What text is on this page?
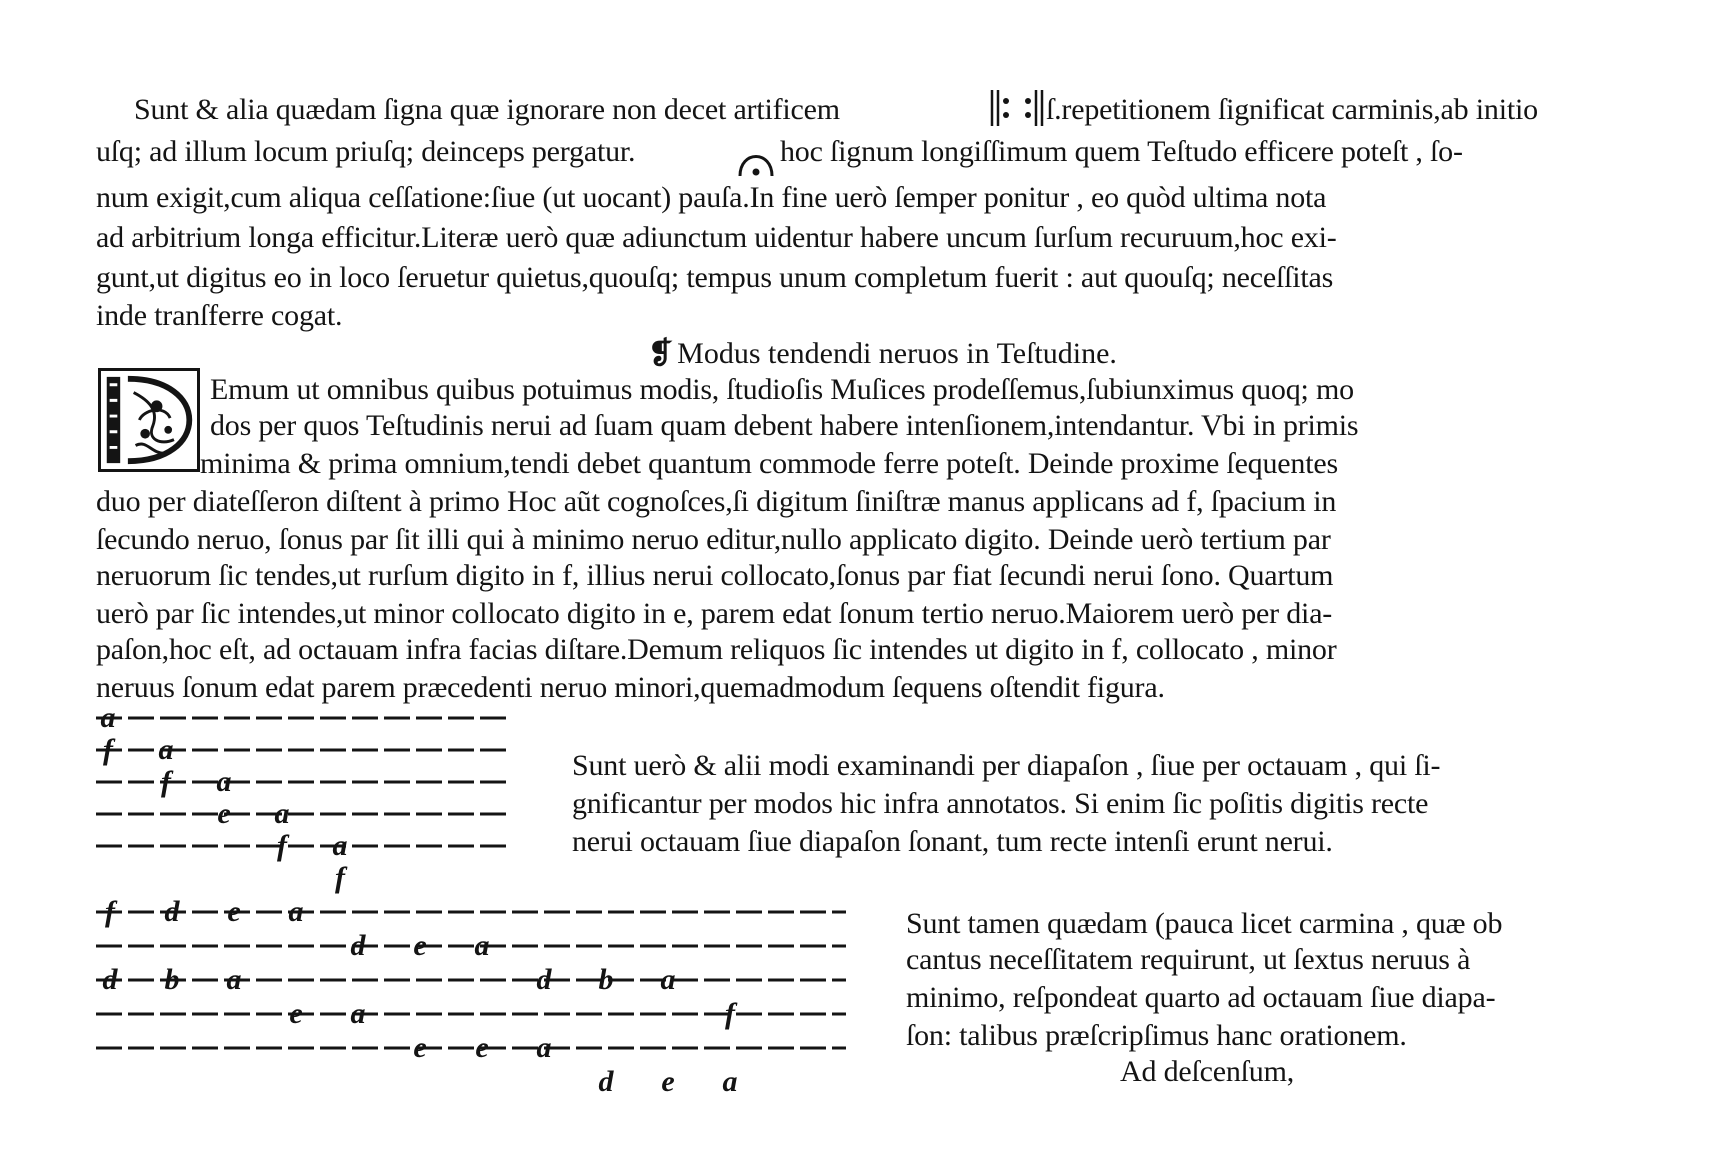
Sunt & alia quædam ſigna quæ ignorare non decet artificem	ſ.repetitionem ſignificat carminis,ab initio
uſq; ad illum locum priuſq; deinceps pergatur.	hoc ſignum longiſſimum quem Teſtudo efficere poteſt , ſo-
num exigit,cum aliqua ceſſatione:ſiue (ut uocant) pauſa.In fine uerò ſemper ponitur , eo quòd ultima nota
ad arbitrium longa efficitur.Literæ uerò quæ adiunctum uidentur habere uncum ſurſum recuruum,hoc exi-
gunt,ut digitus eo in loco ſeruetur quietus,quouſq; tempus unum completum fuerit : aut quouſq; neceſſitas
inde tranſferre cogat.
❡ Modus tendendi neruos in Teſtudine.
Emum ut omnibus quibus potuimus modis, ſtudioſis Muſices prodeſſemus,ſubiunximus quoq; mo
dos per quos Teſtudinis nerui ad ſuam quam debent habere intenſionem,intendantur. Vbi in primis
minima & prima omnium,tendi debet quantum commode ferre poteſt. Deinde proxime ſequentes
duo per diateſſeron diſtent à primo Hoc aũt cognoſces,ſi digitum ſiniſtræ manus applicans ad f, ſpacium in
ſecundo neruo, ſonus par ſit illi qui à minimo neruo editur,nullo applicato digito. Deinde uerò tertium par
neruorum ſic tendes,ut rurſum digito in f, illius nerui collocato,ſonus par fiat ſecundi nerui ſono. Quartum
uerò par ſic intendes,ut minor collocato digito in e, parem edat ſonum tertio neruo.Maiorem uerò per dia-
paſon,hoc eſt, ad octauam infra facias diſtare.Demum reliquos ſic intendes ut digito in f, collocato , minor
neruus ſonum edat parem præcedenti neruo minori,quemadmodum ſequens oſtendit figura.
a
f a
f a
e a
f a
f
Sunt uerò & alii modi examinandi per diapaſon , ſiue per octauam , qui ſi-
gnificantur per modos hic infra annotatos. Si enim ſic poſitis digitis recte
nerui octauam ſiue diapaſon ſonant, tum recte intenſi erunt nerui.
f d e a
d e a
d b a	d b a
e a	f
e e a
d e a
Sunt tamen quædam (pauca licet carmina , quæ ob
cantus neceſſitatem requirunt, ut ſextus neruus à
minimo, reſpondeat quarto ad octauam ſiue diapa-
ſon: talibus præſcripſimus hanc orationem.
Ad deſcenſum,
